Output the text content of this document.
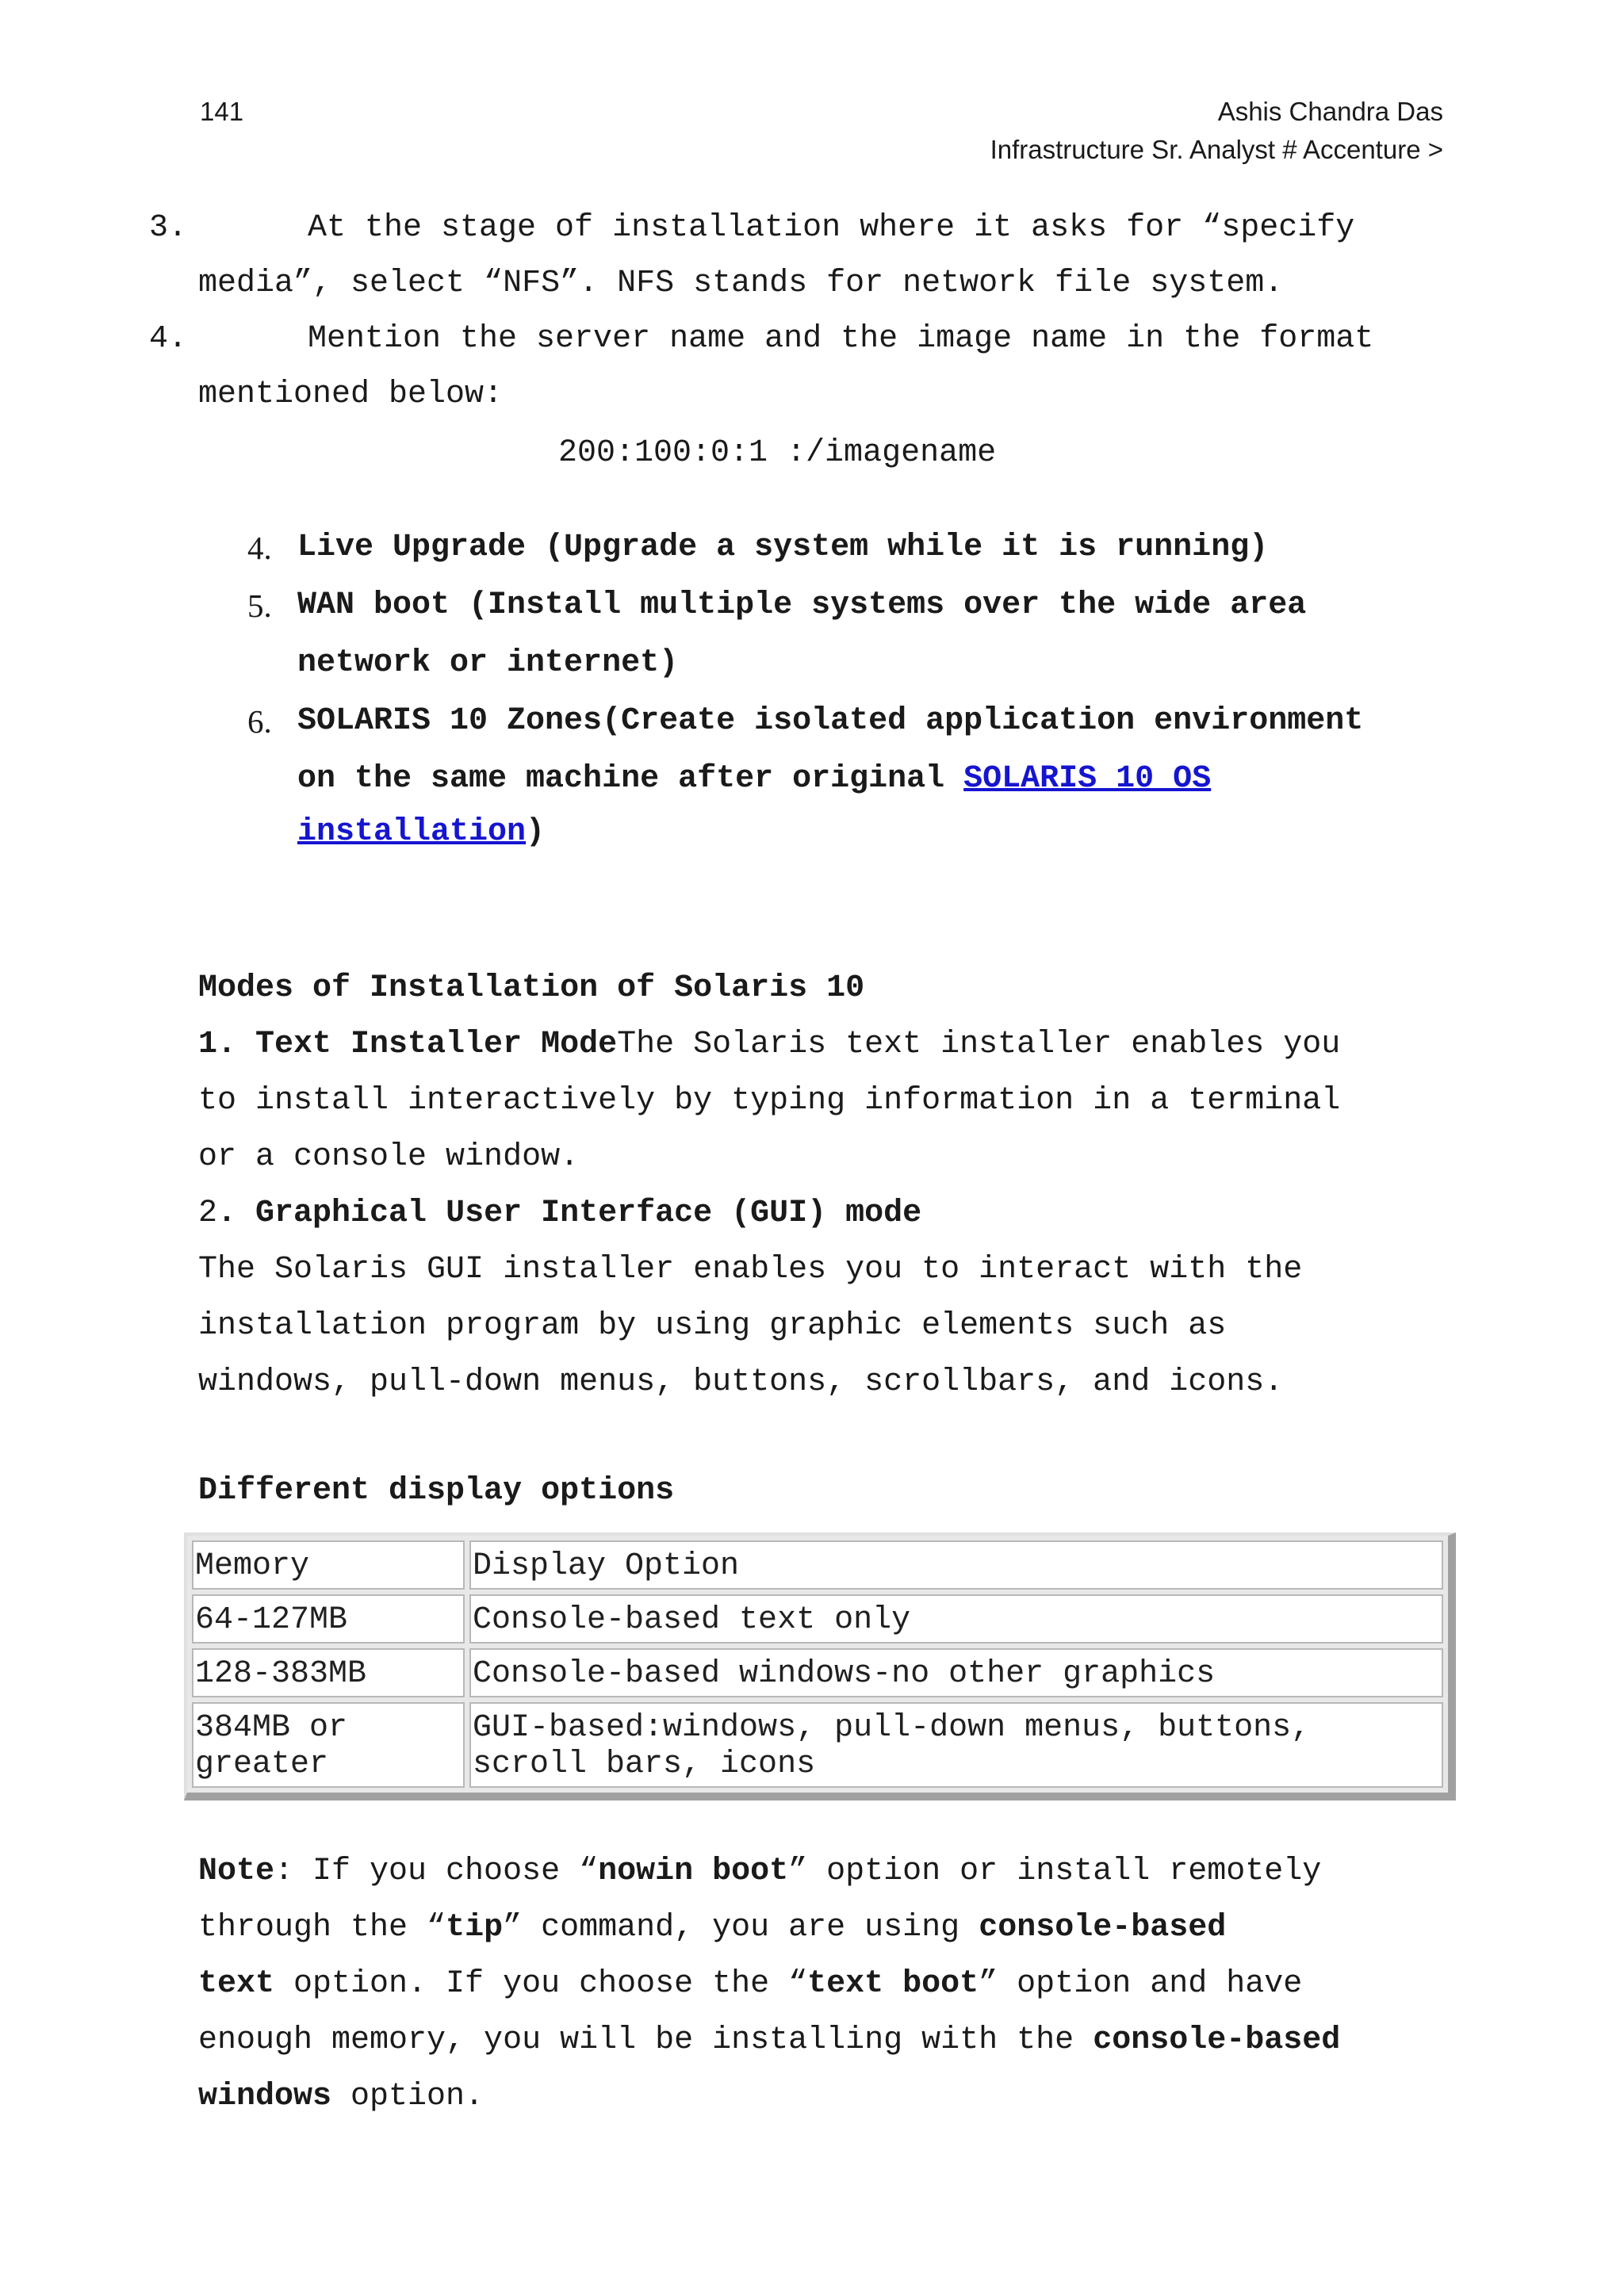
141	Ashis Chandra Das
Infrastructure Sr. Analyst # Accenture >
3.	At the stage of installation where it asks for “specify
media”, select “NFS”. NFS stands for network file system.
4.	Mention the server name and the image name in the format
mentioned below:
200:100:0:1 :/imagename
4. Live Upgrade (Upgrade a system while it is running)
5. WAN boot (Install multiple systems over the wide area
network or internet)
6. SOLARIS 10 Zones(Create isolated application environment
on the same machine after original SOLARIS 10 OS
installation)
Modes of Installation of Solaris 10
1. Text Installer ModeThe Solaris text installer enables you
to install interactively by typing information in a terminal
or a console window.
2. Graphical User Interface (GUI) mode
The Solaris GUI installer enables you to interact with the
installation program by using graphic elements such as
windows, pull-down menus, buttons, scrollbars, and icons.
Different display options
Memory	Display Option
64-127MB	Console-based text only
128-383MB	Console-based windows-no other graphics
384MB or greater	GUI-based:windows, pull-down menus, buttons, scroll bars, icons
Note: If you choose “nowin boot” option or install remotely
through the “tip” command, you are using console-based
text option. If you choose the “text boot” option and have
enough memory, you will be installing with the console-based
windows option.
